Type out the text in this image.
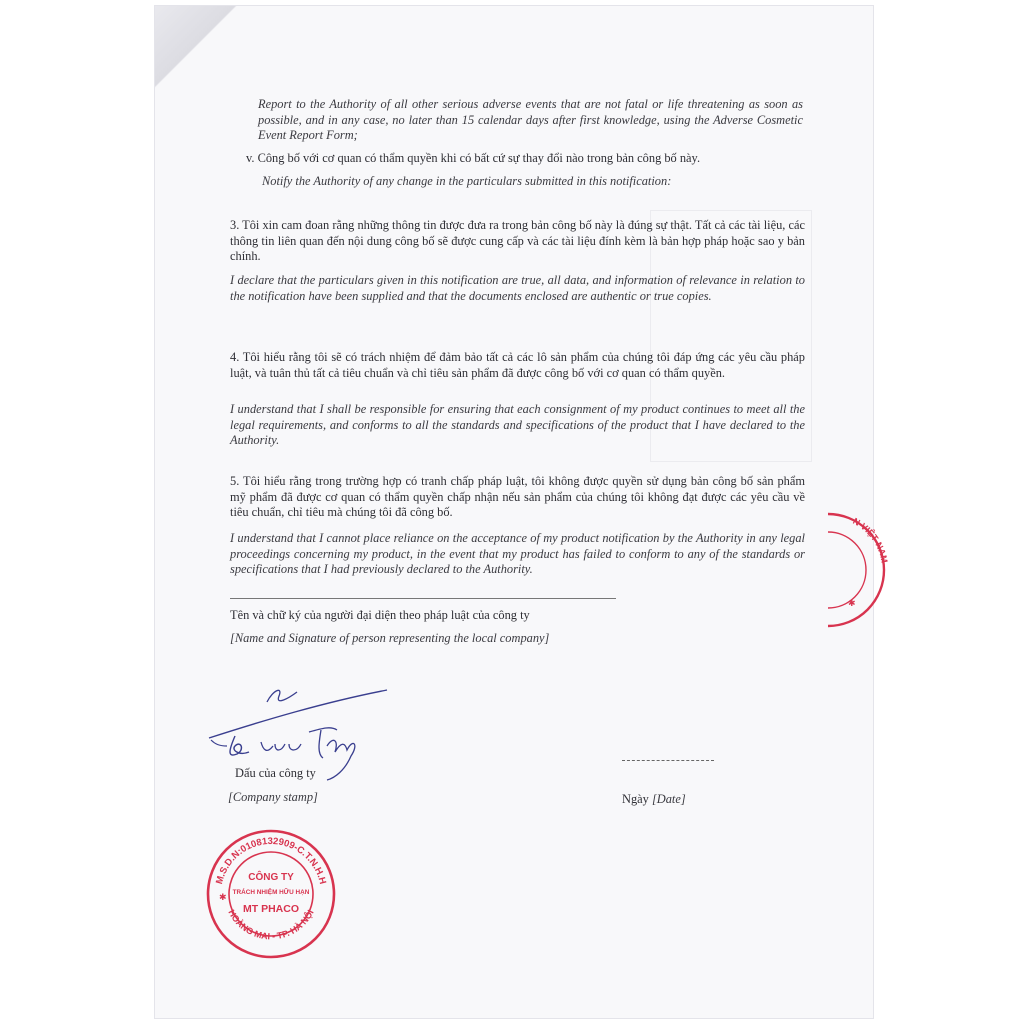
Report to the Authority of all other serious adverse events that are not fatal or life threatening as soon as possible, and in any case, no later than 15 calendar days after first knowledge, using the Adverse Cosmetic Event Report Form;

v. Công bố với cơ quan có thẩm quyền khi có bất cứ sự thay đổi nào trong bản công bố này.

Notify the Authority of any change in the particulars submitted in this notification:

3. Tôi xin cam đoan rằng những thông tin được đưa ra trong bản công bố này là đúng sự thật. Tất cả các tài liệu, các thông tin liên quan đến nội dung công bố sẽ được cung cấp và các tài liệu đính kèm là bản hợp pháp hoặc sao y bản chính.

I declare that the particulars given in this notification are true, all data, and information of relevance in relation to the notification have been supplied and that the documents enclosed are authentic or true copies.

4. Tôi hiểu rằng tôi sẽ có trách nhiệm để đảm bảo tất cả các lô sản phẩm của chúng tôi đáp ứng các yêu cầu pháp luật, và tuân thủ tất cả tiêu chuẩn và chỉ tiêu sản phẩm đã được công bố với cơ quan có thẩm quyền.

I understand that I shall be responsible for ensuring that each consignment of my product continues to meet all the legal requirements, and conforms to all the standards and specifications of the product that I have declared to the Authority.

5. Tôi hiểu rằng trong trường hợp có tranh chấp pháp luật, tôi không được quyền sử dụng bản công bố sản phẩm mỹ phẩm đã được cơ quan có thẩm quyền chấp nhận nếu sản phẩm của chúng tôi không đạt được các yêu cầu về tiêu chuẩn, chỉ tiêu mà chúng tôi đã công bố.

I understand that I cannot place reliance on the acceptance of my product notification by the Authority in any legal proceedings concerning my product, in the event that my product has failed to conform to any of the standards or specifications that I had previously declared to the Authority.

Tên và chữ ký của người đại diện theo pháp luật của công ty

[Name and Signature of person representing the local company]

Dấu của công ty

[Company stamp]	Ngày [Date]

M.S.D.N:0108132909-C.T.N.H.H
HOÀNG MAI - TP. HÀ NỘI
✱
CÔNG TY
TRÁCH NHIỆM HỮU HẠN
MT PHACO
N VIỆT NAM
✱
